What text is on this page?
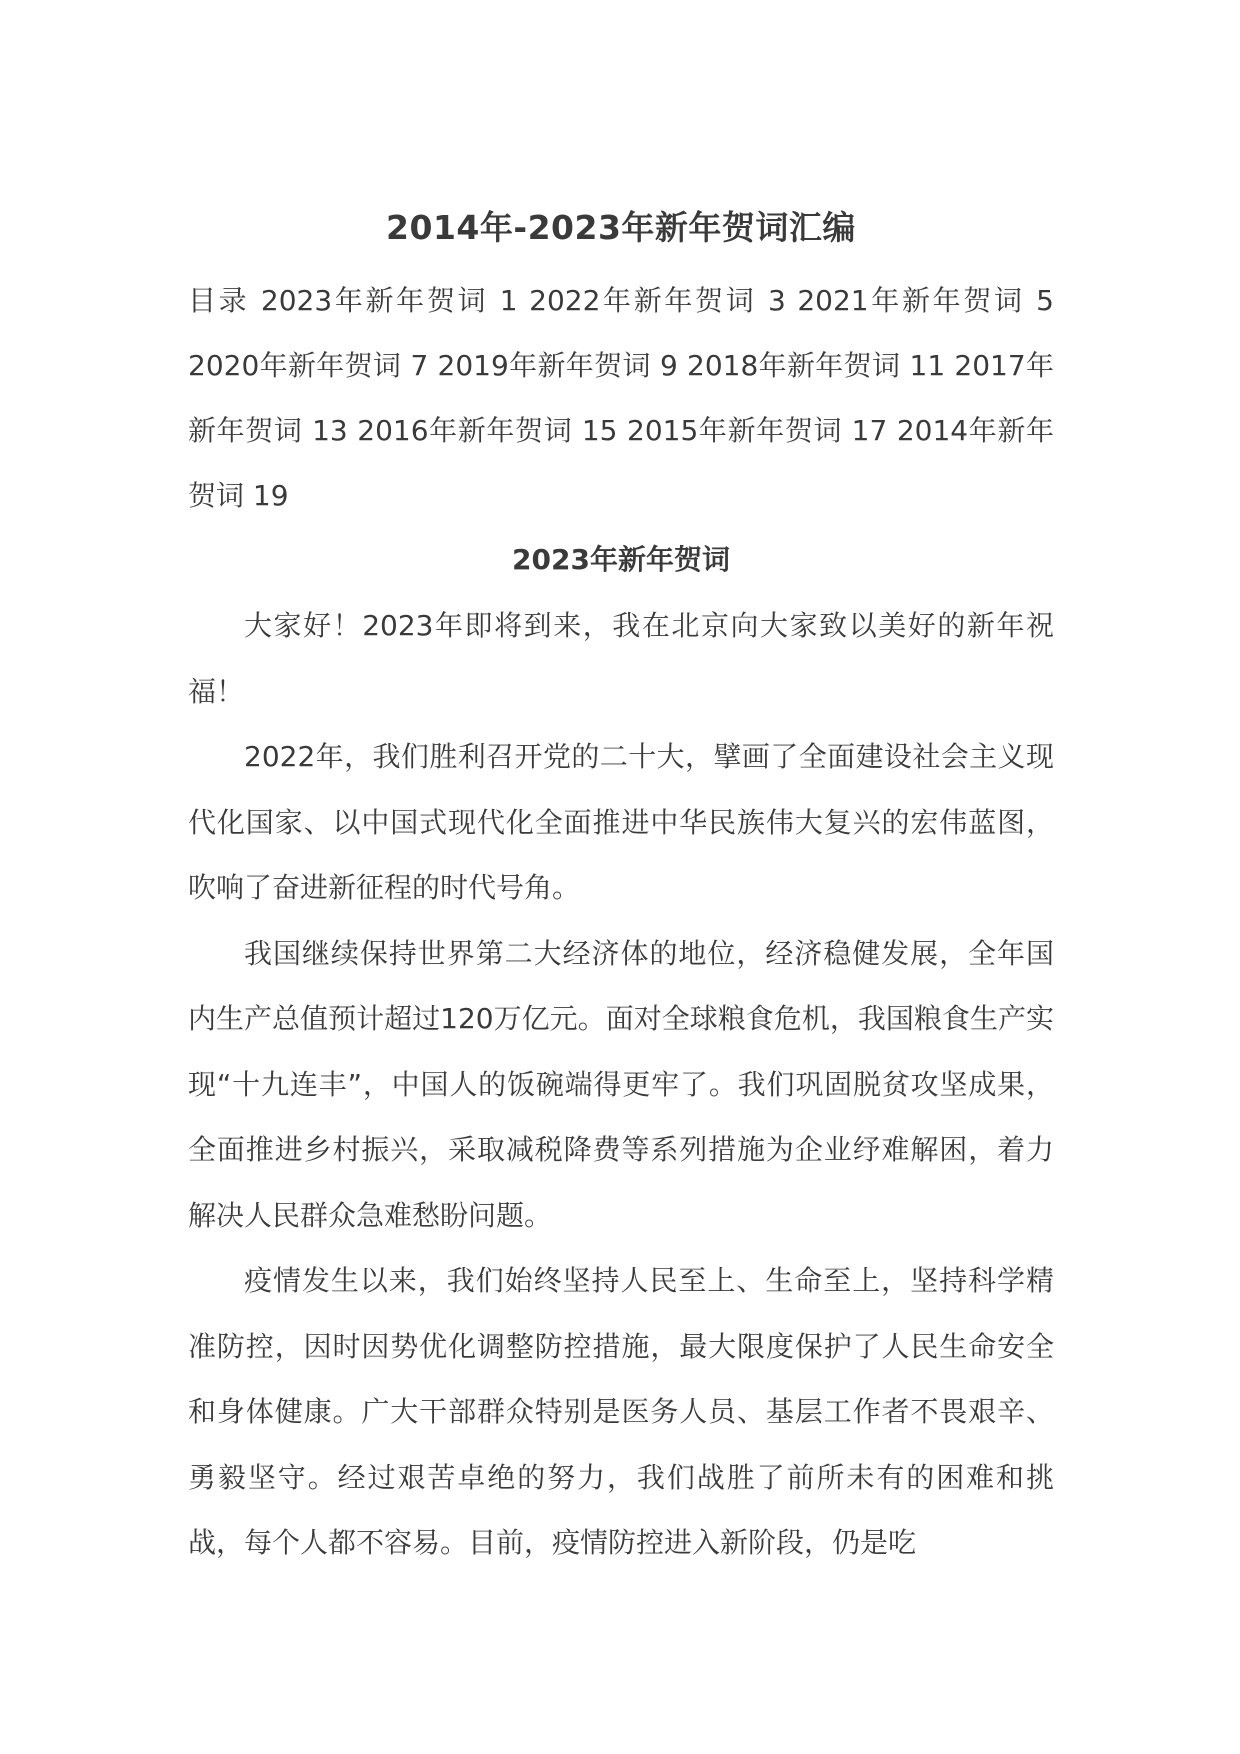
2014年-2023年新年贺词汇编

目录 2023年新年贺词 1 2022年新年贺词 3 2021年新年贺词 5 2020年新年贺词 7 2019年新年贺词 9 2018年新年贺词 11 2017年新年贺词 13 2016年新年贺词 15 2015年新年贺词 17 2014年新年贺词 19

2023年新年贺词

大家好！2023年即将到来，我在北京向大家致以美好的新年祝福！

2022年，我们胜利召开党的二十大，擘画了全面建设社会主义现代化国家、以中国式现代化全面推进中华民族伟大复兴的宏伟蓝图，吹响了奋进新征程的时代号角。

我国继续保持世界第二大经济体的地位，经济稳健发展，全年国内生产总值预计超过120万亿元。面对全球粮食危机，我国粮食生产实现“十九连丰”，中国人的饭碗端得更牢了。我们巩固脱贫攻坚成果，全面推进乡村振兴，采取减税降费等系列措施为企业纾难解困，着力解决人民群众急难愁盼问题。

疫情发生以来，我们始终坚持人民至上、生命至上，坚持科学精准防控，因时因势优化调整防控措施，最大限度保护了人民生命安全和身体健康。广大干部群众特别是医务人员、基层工作者不畏艰辛、勇毅坚守。经过艰苦卓绝的努力，我们战胜了前所未有的困难和挑战，每个人都不容易。目前，疫情防控进入新阶段，仍是吃
